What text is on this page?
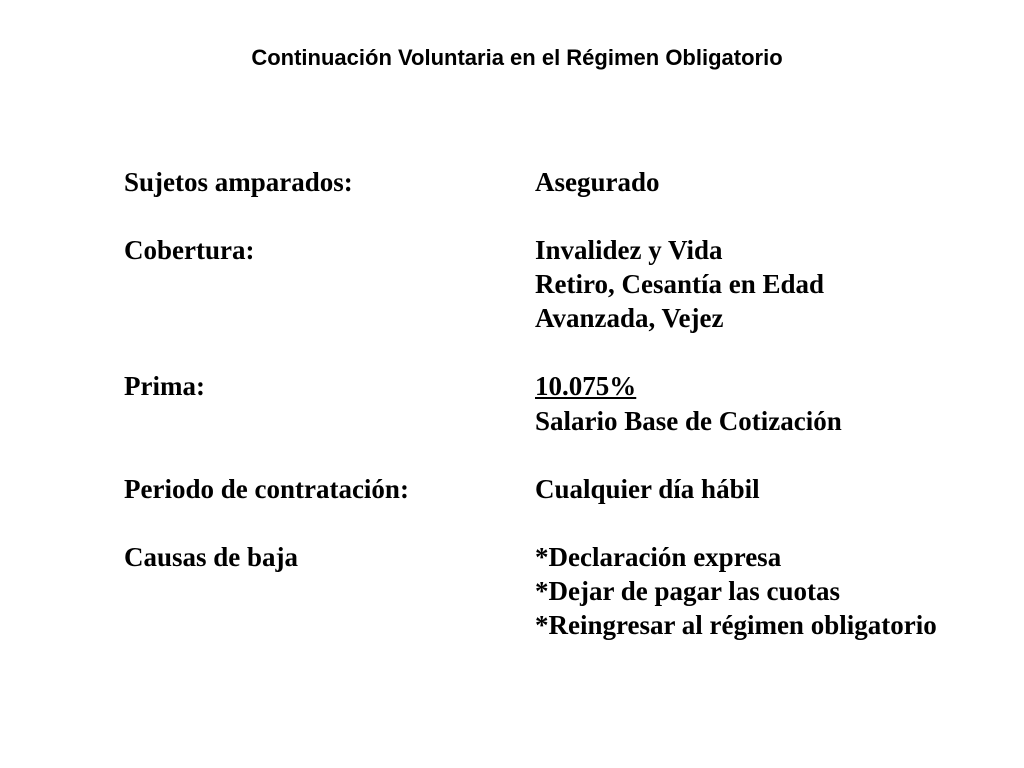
Continuación Voluntaria en el Régimen Obligatorio
Sujetos amparados:	Asegurado
Cobertura:	Invalidez y Vida
Retiro, Cesantía en Edad
Avanzada, Vejez
Prima:	10.075%
Salario Base de Cotización
Periodo de contratación:	Cualquier día hábil
Causas de baja	*Declaración expresa
*Dejar de pagar las cuotas
*Reingresar al régimen obligatorio
